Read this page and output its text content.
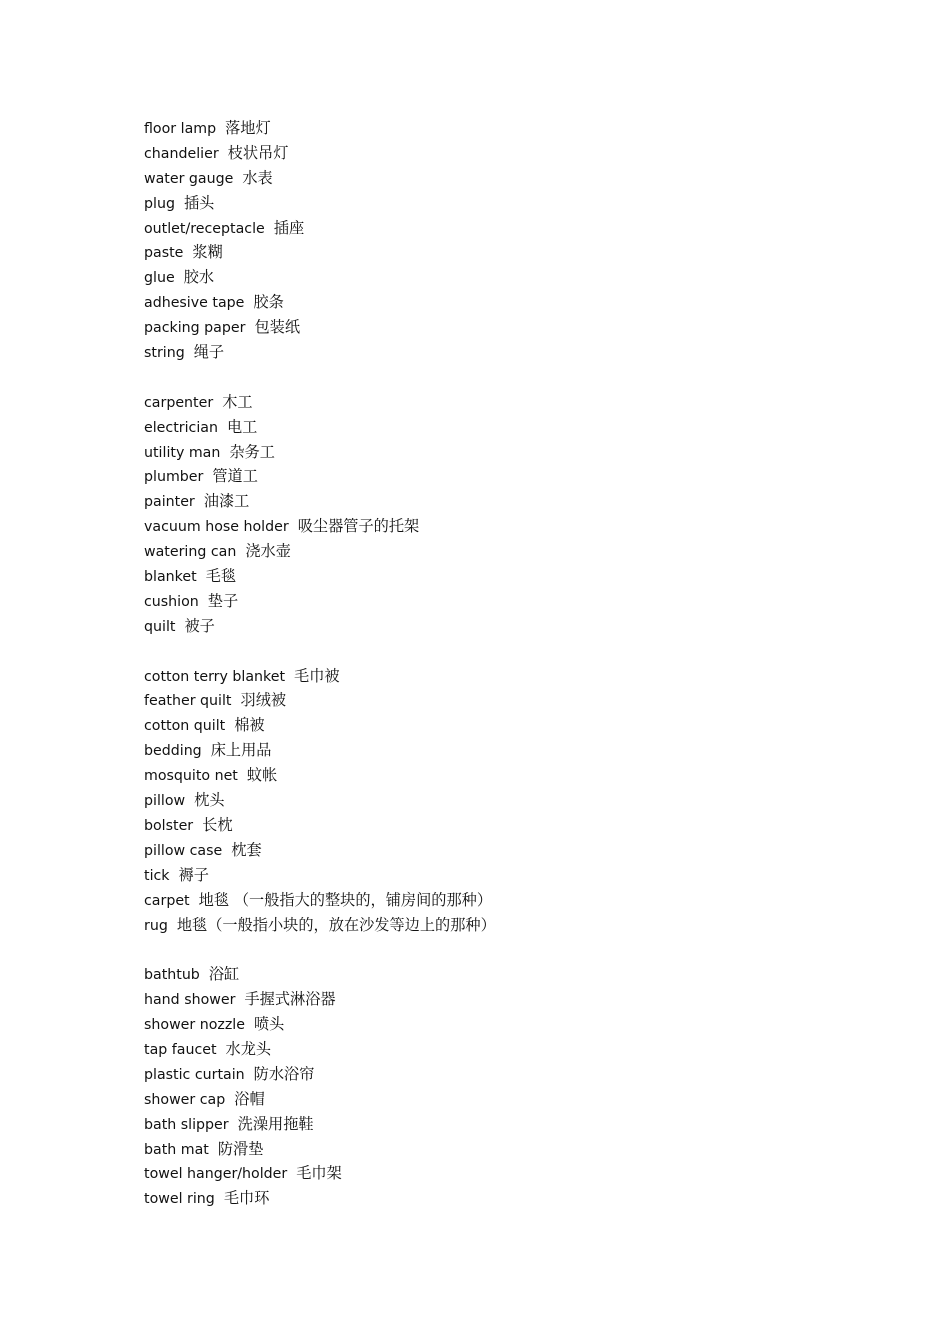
floor lamp 落地灯
chandelier 枝状吊灯
water gauge 水表
plug 插头
outlet/receptacle 插座
paste 浆糊
glue 胶水
adhesive tape 胶条
packing paper 包装纸
string 绳子
carpenter 木工
electrician 电工
utility man 杂务工
plumber 管道工
painter 油漆工
vacuum hose holder 吸尘器管子的托架
watering can 浇水壶
blanket 毛毯
cushion 垫子
quilt 被子
cotton terry blanket 毛巾被
feather quilt 羽绒被
cotton quilt 棉被
bedding 床上用品
mosquito net 蚊帐
pillow 枕头
bolster 长枕
pillow case 枕套
tick 褥子
carpet 地毯 （一般指大的整块的，铺房间的那种）
rug 地毯（一般指小块的，放在沙发等边上的那种）
bathtub 浴缸
hand shower 手握式淋浴器
shower nozzle 喷头
tap faucet 水龙头
plastic curtain 防水浴帘
shower cap 浴帽
bath slipper 洗澡用拖鞋
bath mat 防滑垫
towel hanger/holder 毛巾架
towel ring 毛巾环
